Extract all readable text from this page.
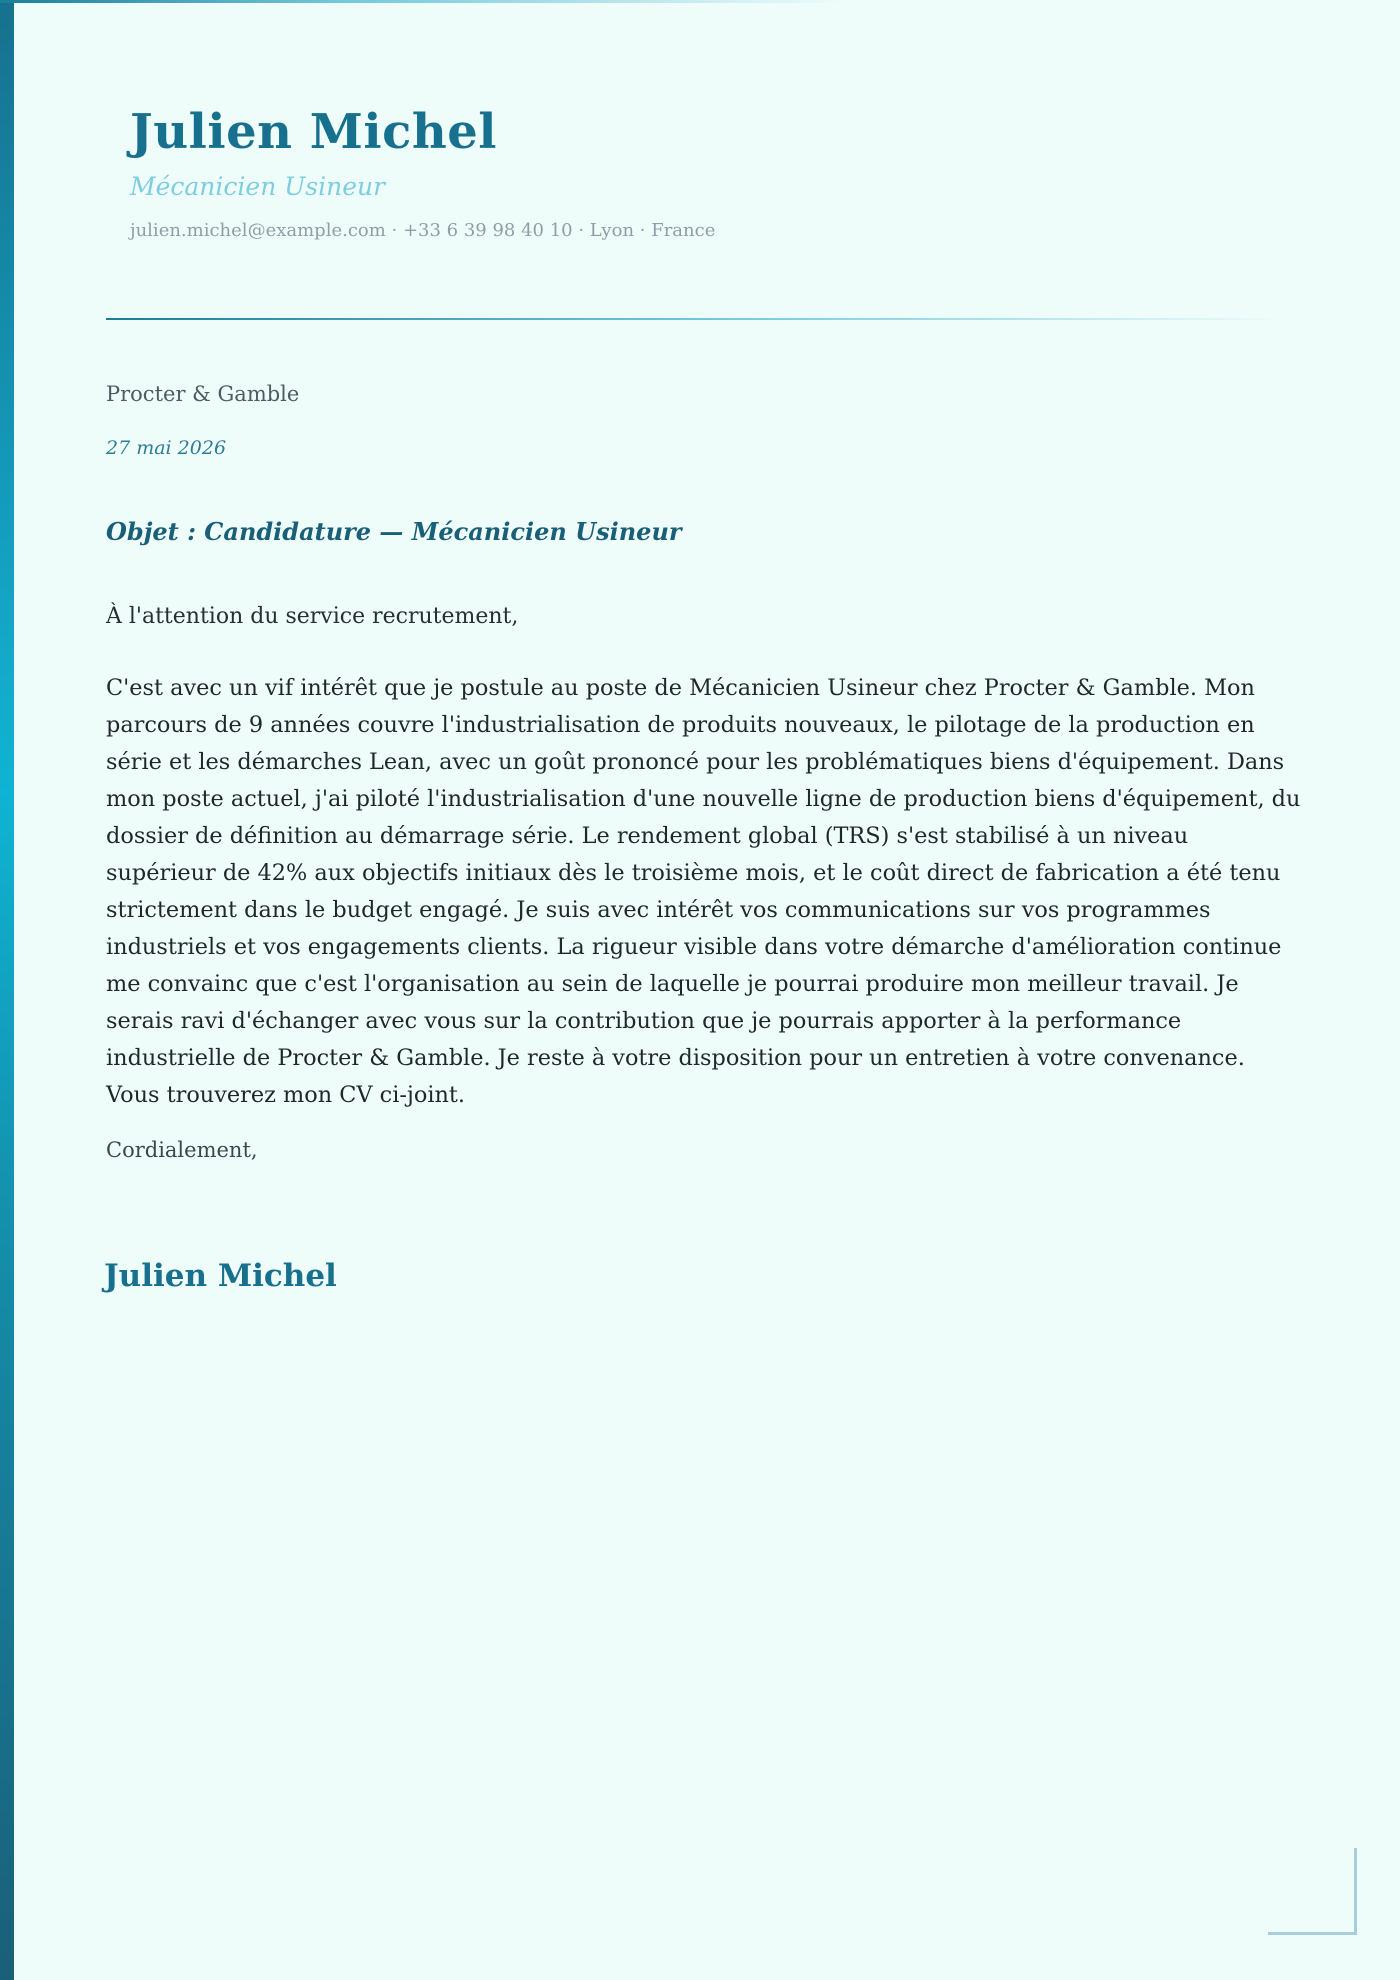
Julien Michel
Mécanicien Usineur
julien.michel@example.com · +33 6 39 98 40 10 · Lyon · France
Procter & Gamble
27 mai 2026
Objet : Candidature — Mécanicien Usineur
À l'attention du service recrutement,

C'est avec un vif intérêt que je postule au poste de Mécanicien Usineur chez Procter & Gamble. Mon parcours de 9 années couvre l'industrialisation de produits nouveaux, le pilotage de la production en série et les démarches Lean, avec un goût prononcé pour les problématiques biens d'équipement. Dans mon poste actuel, j'ai piloté l'industrialisation d'une nouvelle ligne de production biens d'équipement, du dossier de définition au démarrage série. Le rendement global (TRS) s'est stabilisé à un niveau supérieur de 42% aux objectifs initiaux dès le troisième mois, et le coût direct de fabrication a été tenu strictement dans le budget engagé. Je suis avec intérêt vos communications sur vos programmes industriels et vos engagements clients. La rigueur visible dans votre démarche d'amélioration continue me convainc que c'est l'organisation au sein de laquelle je pourrai produire mon meilleur travail. Je serais ravi d'échanger avec vous sur la contribution que je pourrais apporter à la performance industrielle de Procter & Gamble. Je reste à votre disposition pour un entretien à votre convenance. Vous trouverez mon CV ci-joint.

Cordialement,
Julien Michel
